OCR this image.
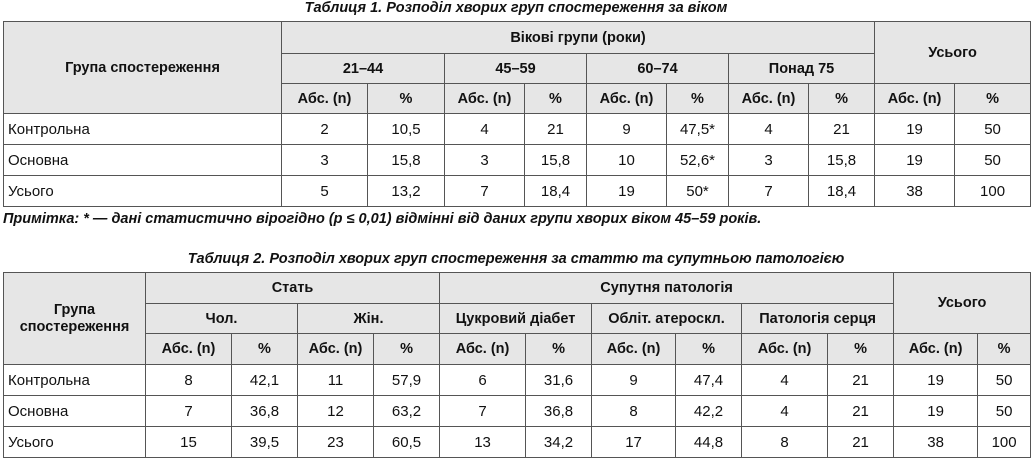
Таблиця 1. Розподіл хворих груп спостереження за віком
Група спостереження	Вікові групи (роки)								Усього	
	21–44		45–59		60–74		Понад 75			
	Абс. (n)	%	Абс. (n)	%	Абс. (n)	%	Абс. (n)	%	Абс. (n)	%
Контрольна	2	10,5	4	21	9	47,5*	4	21	19	50
Основна	3	15,8	3	15,8	10	52,6*	3	15,8	19	50
Усього	5	13,2	7	18,4	19	50*	7	18,4	38	100
Примітка: * — дані статистично вірогідно (p ≤ 0,01) відмінні від даних групи хворих віком 45–59 років.
Таблиця 2. Розподіл хворих груп спостереження за статтю та супутньою патологією
Група спостереження	Стать				Супутня патологія						Усього	
	Чол.		Жін.		Цукровий діабет		Обліт. атероскл.		Патологія серця			
	Абс. (n)	%	Абс. (n)	%	Абс. (n)	%	Абс. (n)	%	Абс. (n)	%	Абс. (n)	%
Контрольна	8	42,1	11	57,9	6	31,6	9	47,4	4	21	19	50
Основна	7	36,8	12	63,2	7	36,8	8	42,2	4	21	19	50
Усього	15	39,5	23	60,5	13	34,2	17	44,8	8	21	38	100
